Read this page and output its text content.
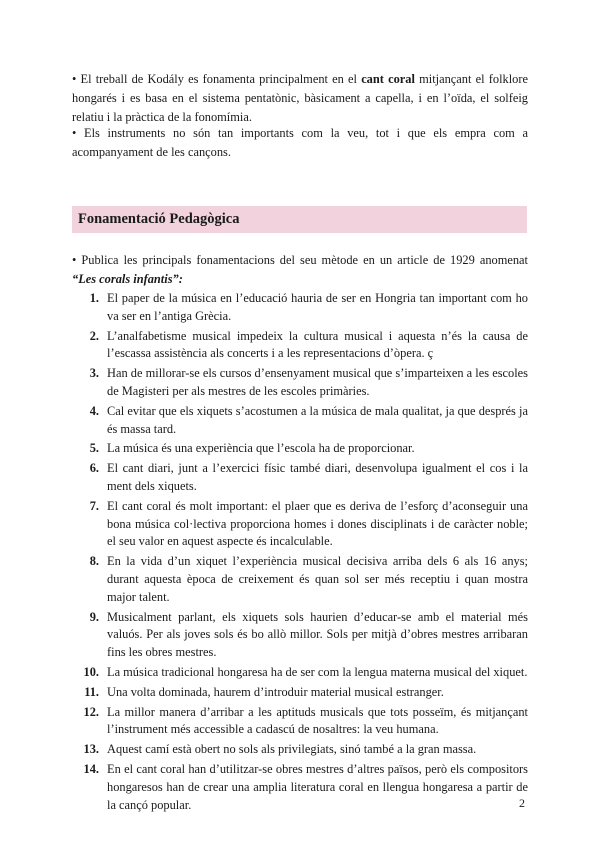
• El treball de Kodály es fonamenta principalment en el cant coral mitjançant el folklore hongarés i es basa en el sistema pentatònic, bàsicament a capella, i en l’oïda, el solfeig relatiu i la pràctica de la fonomímia.

• Els instruments no són tan importants com la veu, tot i que els empra com a acompanyament de les cançons.

Fonamentació Pedagògica

• Publica les principals fonamentacions del seu mètode en un article de 1929 anomenat “Les corals infantis”:

1. El paper de la música en l’educació hauria de ser en Hongria tan important com ho va ser en l’antiga Grècia.
2. L’analfabetisme musical impedeix la cultura musical i aquesta n’és la causa de l’escassa assistència als concerts i a les representacions d’òpera. ç
3. Han de millorar-se els cursos d’ensenyament musical que s’imparteixen a les escoles de Magisteri per als mestres de les escoles primàries.
4. Cal evitar que els xiquets s’acostumen a la música de mala qualitat, ja que després ja és massa tard.
5. La música és una experiència que l’escola ha de proporcionar.
6. El cant diari, junt a l’exercici físic també diari, desenvolupa igualment el cos i la ment dels xiquets.
7. El cant coral és molt important: el plaer que es deriva de l’esforç d’aconseguir una bona música col·lectiva proporciona homes i dones disciplinats i de caràcter noble; el seu valor en aquest aspecte és incalculable.
8. En la vida d’un xiquet l’experiència musical decisiva arriba dels 6 als 16 anys; durant aquesta època de creixement és quan sol ser més receptiu i quan mostra major talent.
9. Musicalment parlant, els xiquets sols haurien d’educar-se amb el material més valuós. Per als joves sols és bo allò millor. Sols per mitjà d’obres mestres arribaran fins les obres mestres.
10. La música tradicional hongaresa ha de ser com la lengua materna musical del xiquet.
11. Una volta dominada, haurem d’introduir material musical estranger.
12. La millor manera d’arribar a les aptituds musicals que tots posseïm, és mitjançant l’instrument més accessible a cadascú de nosaltres: la veu humana.
13. Aquest camí està obert no sols als privilegiats, sinó també a la gran massa.
14. En el cant coral han d’utilitzar-se obres mestres d’altres països, però els compositors hongaresos han de crear una amplia literatura coral en llengua hongaresa a partir de la cançó popular.	2
